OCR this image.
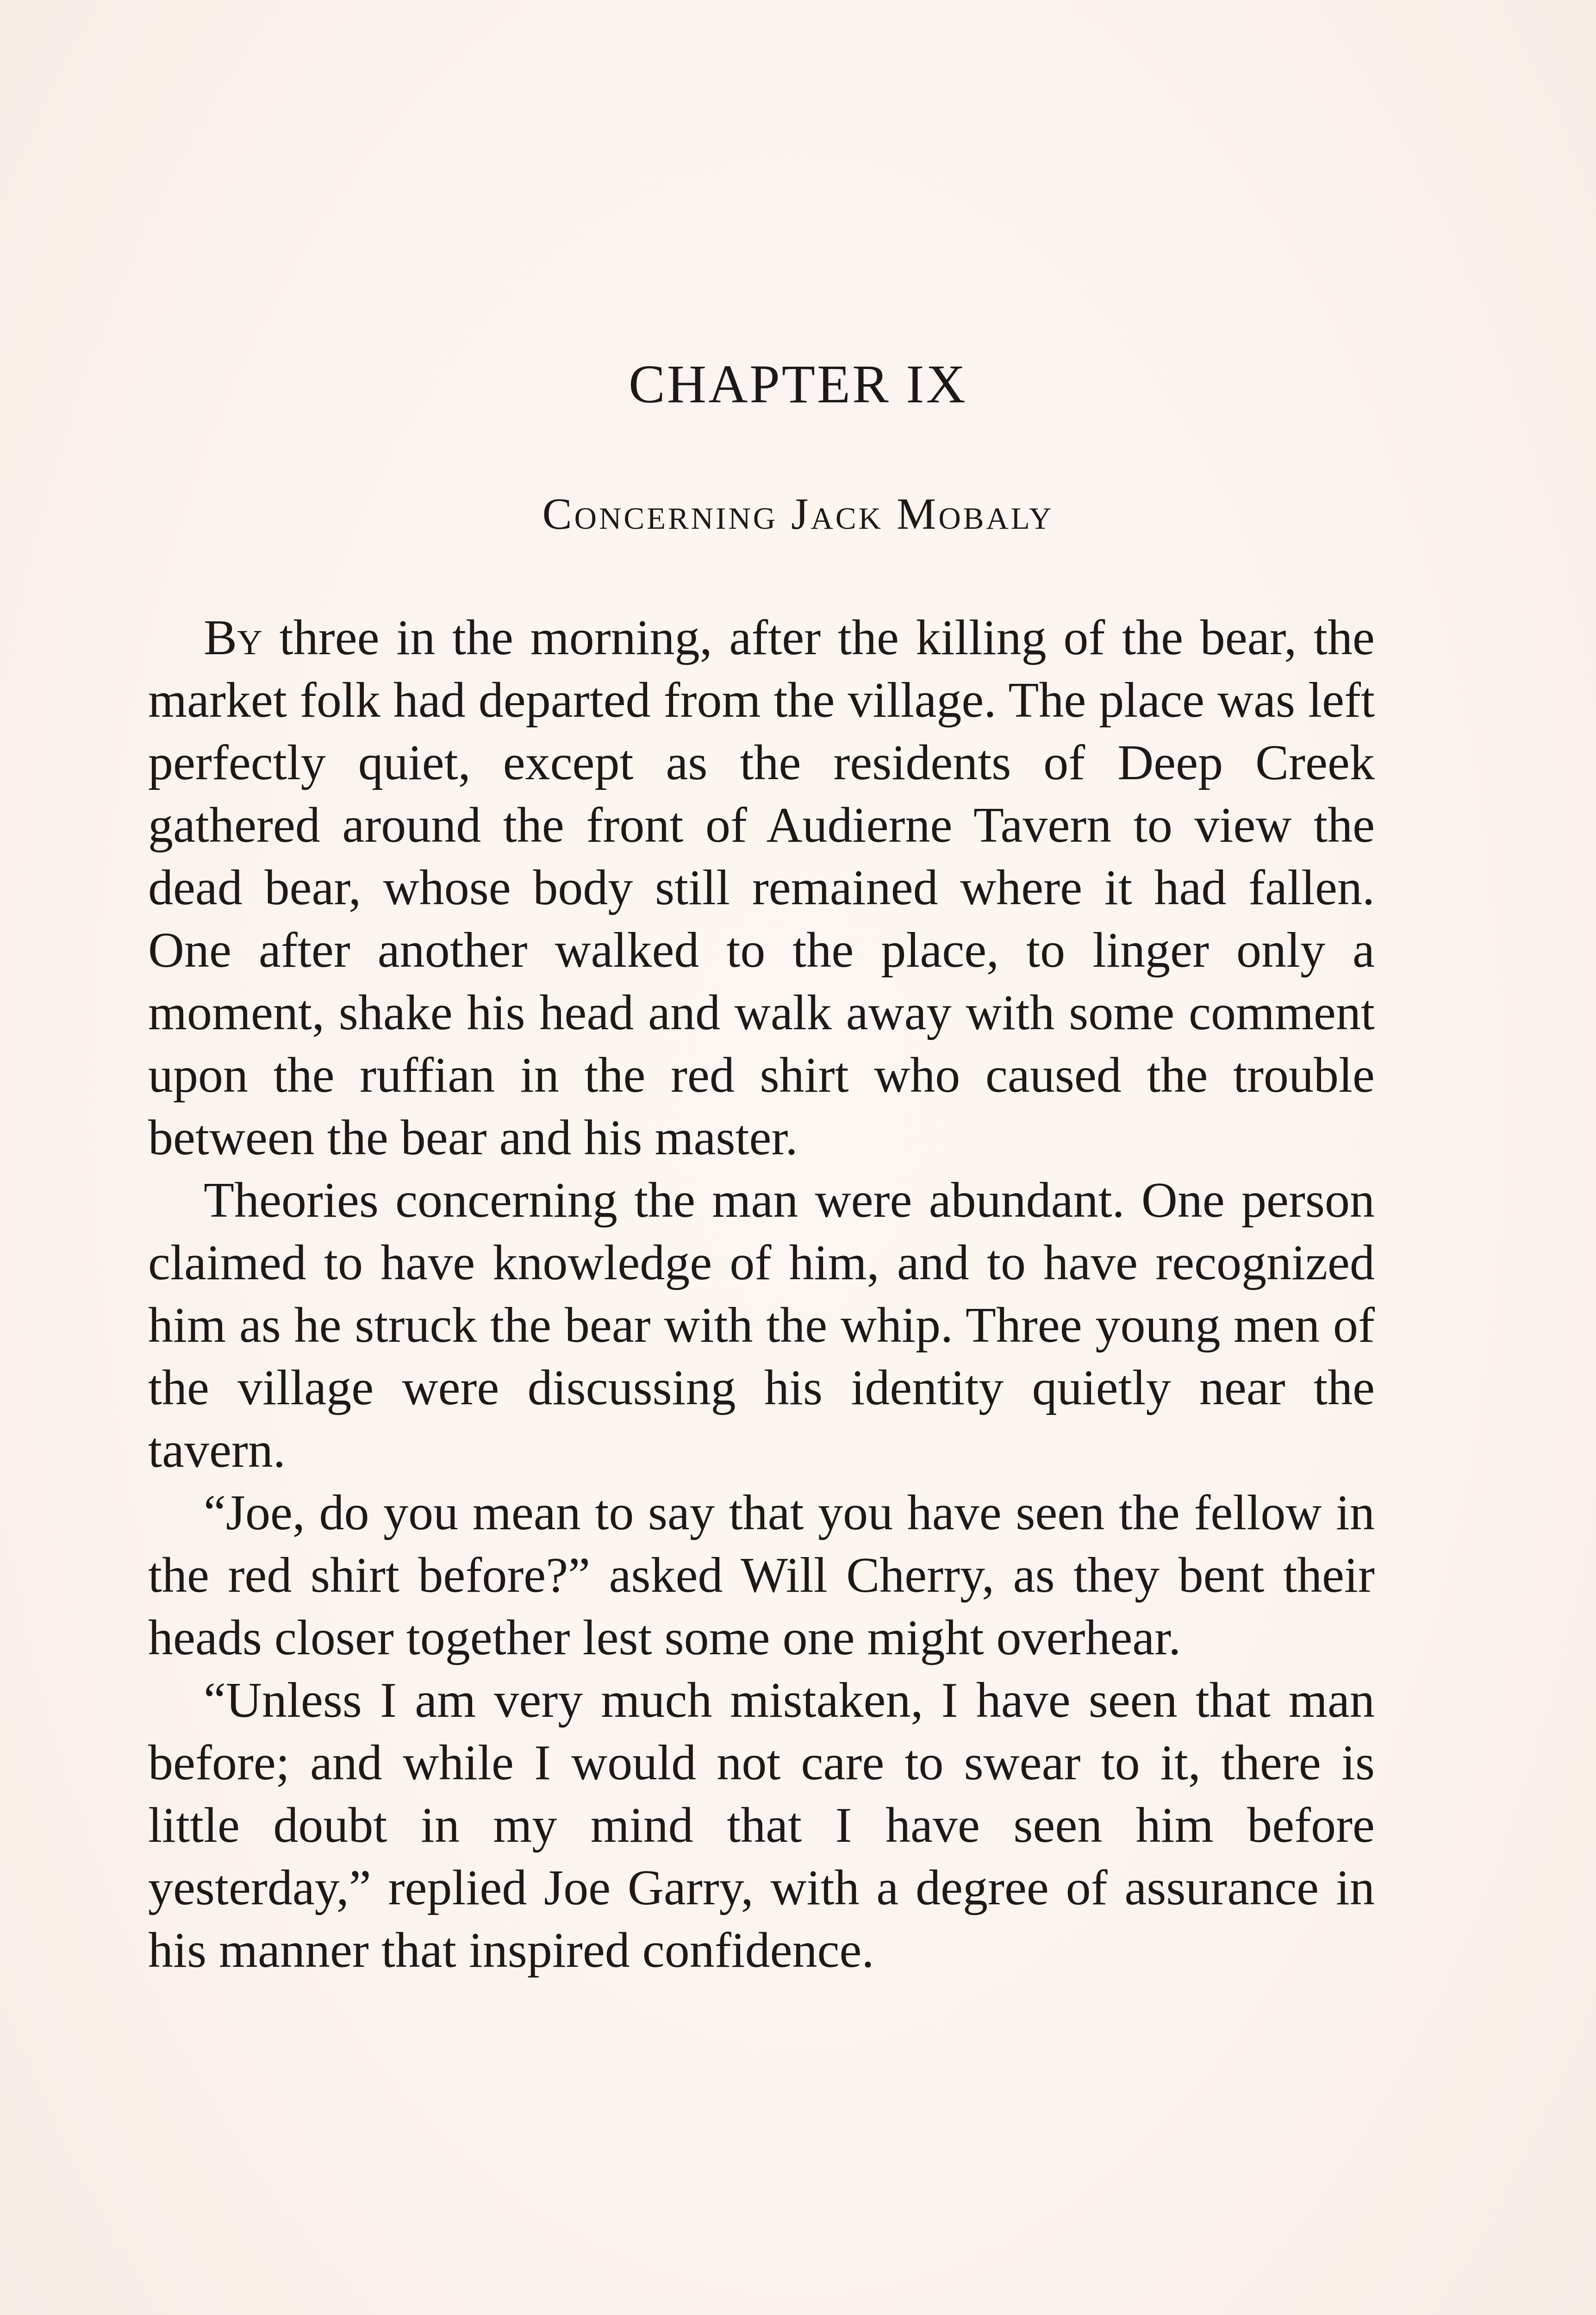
CHAPTER IX
Concerning Jack Mobaly

By three in the morning, after the killing of the bear, the market folk had departed from the village. The place was left perfectly quiet, except as the residents of Deep Creek gathered around the front of Audierne Tavern to view the dead bear, whose body still remained where it had fallen. One after another walked to the place, to linger only a moment, shake his head and walk away with some comment upon the ruffian in the red shirt who caused the trouble between the bear and his master.

Theories concerning the man were abundant. One person claimed to have knowledge of him, and to have recognized him as he struck the bear with the whip. Three young men of the village were discussing his identity quietly near the tavern.

“Joe, do you mean to say that you have seen the fellow in the red shirt before?” asked Will Cherry, as they bent their heads closer together lest some one might overhear.

“Unless I am very much mistaken, I have seen that man before; and while I would not care to swear to it, there is little doubt in my mind that I have seen him before yesterday,” replied Joe Garry, with a degree of assurance in his manner that inspired confidence.
